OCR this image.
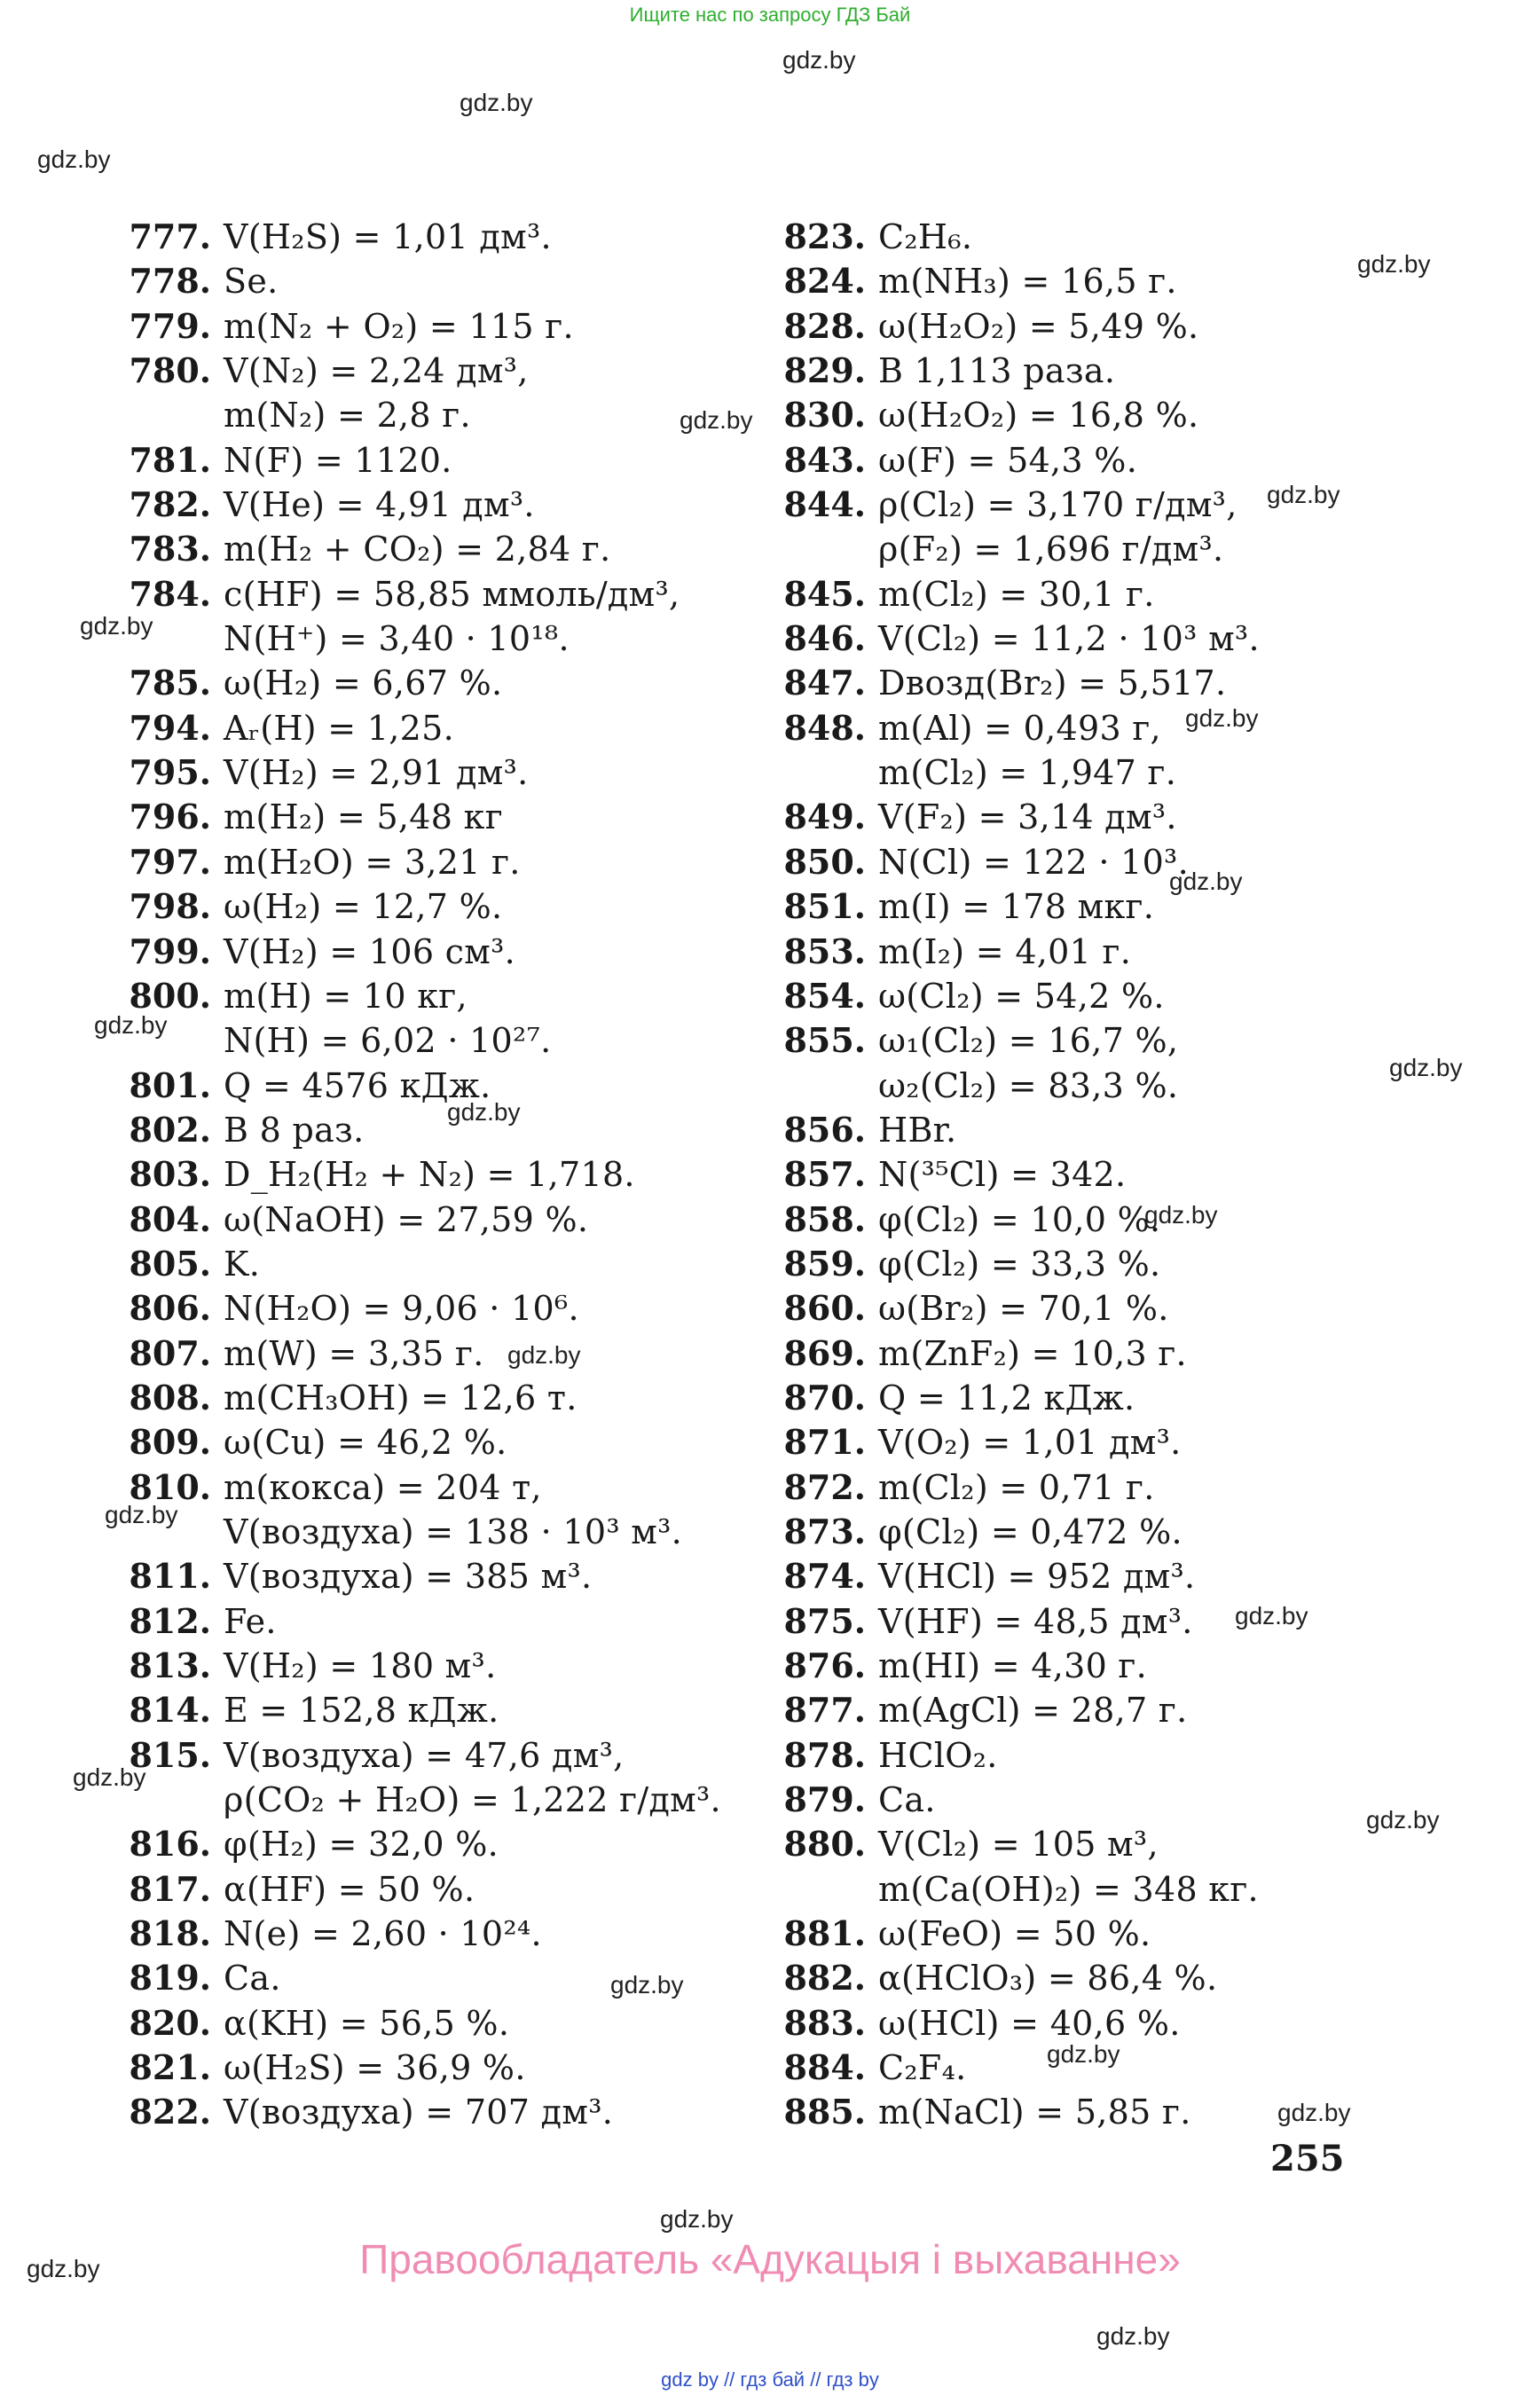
Ищите нас по запросу ГДЗ Бай
gdz.by
gdz.by
gdz.by
gdz.by
gdz.by
gdz.by
gdz.by
gdz.by
gdz.by
gdz.by
gdz.by
gdz.by
gdz.by
gdz.by
gdz.by
gdz.by
gdz.by
gdz.by
gdz.by
gdz.by
gdz.by
gdz.by
gdz.by
gdz.by
777. V(H₂S) = 1,01 дм³.
778. Se.
779. m(N₂ + O₂) = 115 г.
780. V(N₂) = 2,24 дм³,
m(N₂) = 2,8 г.
781. N(F) = 1120.
782. V(He) = 4,91 дм³.
783. m(H₂ + CO₂) = 2,84 г.
784. c(HF) = 58,85 ммоль/дм³,
N(H⁺) = 3,40 · 10¹⁸.
785. ω(H₂) = 6,67 %.
794. Aᵣ(H) = 1,25.
795. V(H₂) = 2,91 дм³.
796. m(H₂) = 5,48 кг
797. m(H₂O) = 3,21 г.
798. ω(H₂) = 12,7 %.
799. V(H₂) = 106 см³.
800. m(H) = 10 кг,
N(H) = 6,02 · 10²⁷.
801. Q = 4576 кДж.
802. В 8 раз.
803. D_H₂(H₂ + N₂) = 1,718.
804. ω(NaOH) = 27,59 %.
805. K.
806. N(H₂O) = 9,06 · 10⁶.
807. m(W) = 3,35 г.
808. m(CH₃OH) = 12,6 т.
809. ω(Cu) = 46,2 %.
810. m(кокса) = 204 т,
V(воздуха) = 138 · 10³ м³.
811. V(воздуха) = 385 м³.
812. Fe.
813. V(H₂) = 180 м³.
814. E = 152,8 кДж.
815. V(воздуха) = 47,6 дм³,
ρ(CO₂ + H₂O) = 1,222 г/дм³.
816. φ(H₂) = 32,0 %.
817. α(HF) = 50 %.
818. N(e) = 2,60 · 10²⁴.
819. Ca.
820. α(KH) = 56,5 %.
821. ω(H₂S) = 36,9 %.
822. V(воздуха) = 707 дм³.
823. C₂H₆.
824. m(NH₃) = 16,5 г.
828. ω(H₂O₂) = 5,49 %.
829. В 1,113 раза.
830. ω(H₂O₂) = 16,8 %.
843. ω(F) = 54,3 %.
844. ρ(Cl₂) = 3,170 г/дм³,
ρ(F₂) = 1,696 г/дм³.
845. m(Cl₂) = 30,1 г.
846. V(Cl₂) = 11,2 · 10³ м³.
847. Dвозд(Br₂) = 5,517.
848. m(Al) = 0,493 г,
m(Cl₂) = 1,947 г.
849. V(F₂) = 3,14 дм³.
850. N(Cl) = 122 · 10³.
851. m(I) = 178 мкг.
853. m(I₂) = 4,01 г.
854. ω(Cl₂) = 54,2 %.
855. ω₁(Cl₂) = 16,7 %,
ω₂(Cl₂) = 83,3 %.
856. HBr.
857. N(³⁵Cl) = 342.
858. φ(Cl₂) = 10,0 %.
859. φ(Cl₂) = 33,3 %.
860. ω(Br₂) = 70,1 %.
869. m(ZnF₂) = 10,3 г.
870. Q = 11,2 кДж.
871. V(O₂) = 1,01 дм³.
872. m(Cl₂) = 0,71 г.
873. φ(Cl₂) = 0,472 %.
874. V(HCl) = 952 дм³.
875. V(HF) = 48,5 дм³.
876. m(HI) = 4,30 г.
877. m(AgCl) = 28,7 г.
878. HClO₂.
879. Ca.
880. V(Cl₂) = 105 м³,
m(Ca(OH)₂) = 348 кг.
881. ω(FeO) = 50 %.
882. α(HClO₃) = 86,4 %.
883. ω(HCl) = 40,6 %.
884. C₂F₄.
885. m(NaCl) = 5,85 г.
255
Правообладатель «Адукацыя і выхаванне»
gdz by // гдз бай // гдз by
